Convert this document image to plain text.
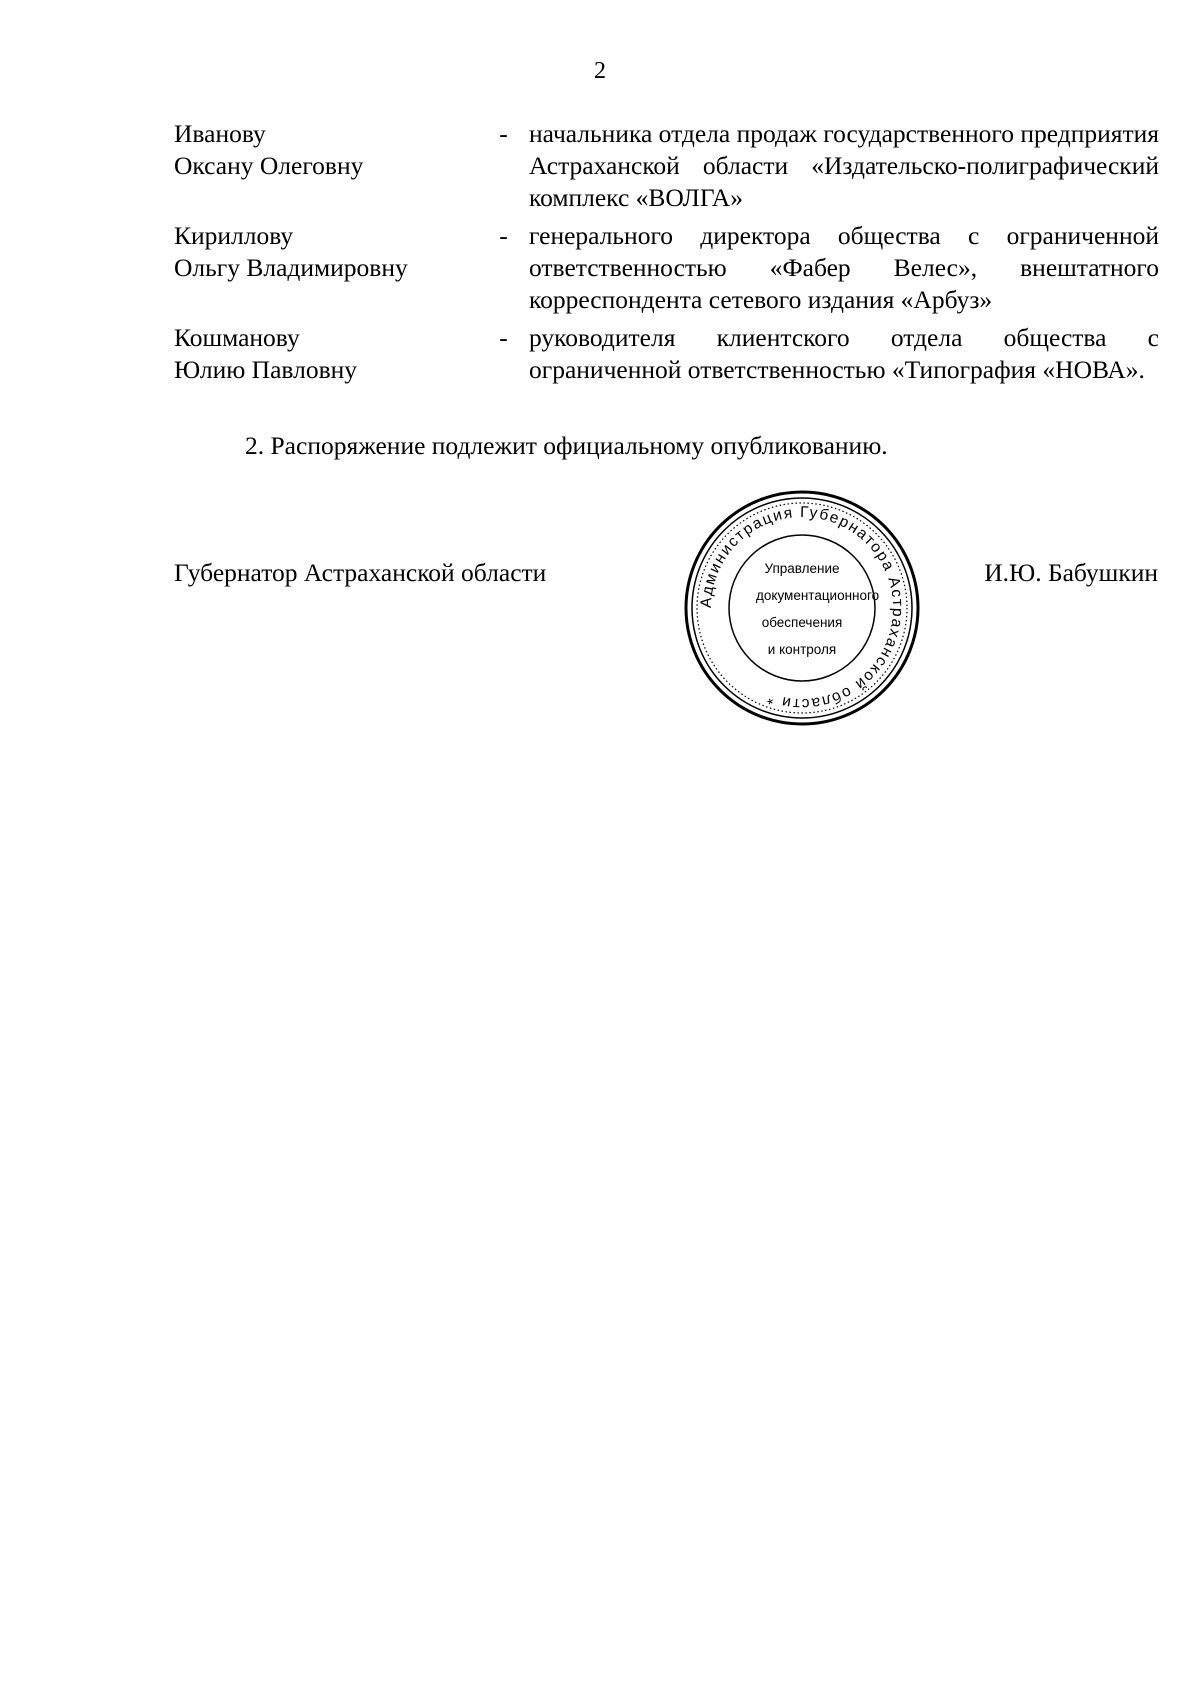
2
Иванову
Оксану Олеговну
- начальника отдела продаж государственного предприятия Астраханской области «Издательско-полиграфический комплекс «ВОЛГА»
Кириллову
Ольгу Владимировну
- генерального директора общества с ограниченной ответственностью «Фабер Велес», внештатного корреспондента сетевого издания «Арбуз»
Кошманову
Юлию Павловну
- руководителя клиентского отдела общества с ограниченной ответственностью «Типография «НОВА».
2. Распоряжение подлежит официальному опубликованию.
Губернатор Астраханской области
Администрация Губернатора Астраханской области *
Управление
документационного
обеспечения
и контроля
И.Ю. Бабушкин
